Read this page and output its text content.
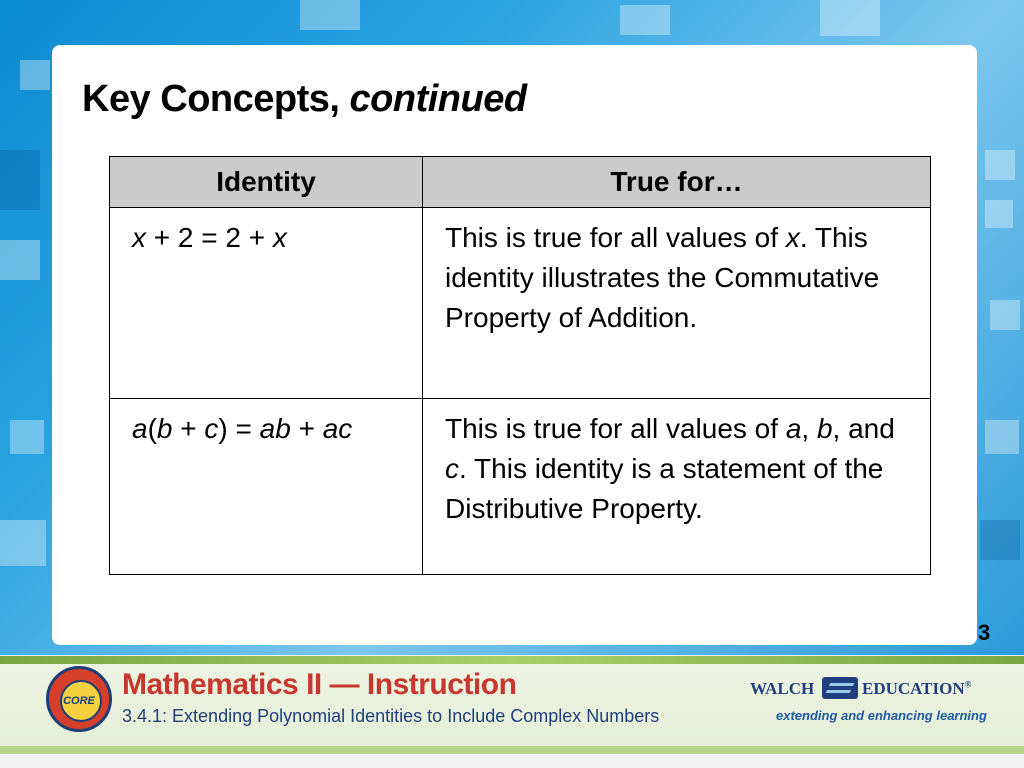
Key Concepts, continued
Identity	True for…
x + 2 = 2 + x	This is true for all values of x. This identity illustrates the Commutative Property of Addition.
a(b + c) = ab + ac	This is true for all values of a, b, and c. This identity is a statement of the Distributive Property.
3
CORE Mathematics II — Instruction
3.4.1: Extending Polynomial Identities to Include Complex Numbers
WALCH	EDUCATION®
extending and enhancing learning
